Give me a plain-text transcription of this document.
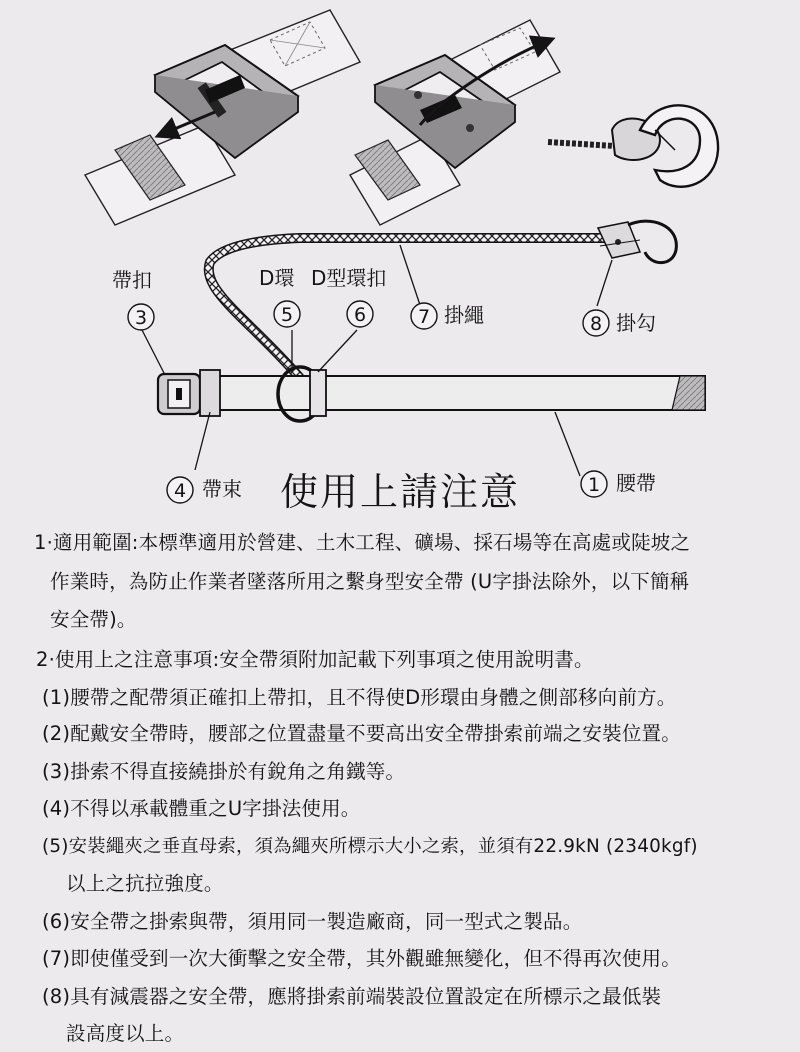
3
帶扣
5
D環
6
D型環扣
7 掛繩	8 掛勾
4 帶束	1 腰帶
使用上請注意

1·適用範圍:本標準適用於營建、土木工程、礦場、採石場等在高處或陡坡之

作業時，為防止作業者墜落所用之繫身型安全帶 (U字掛法除外，以下簡稱

安全帶)。

2·使用上之注意事項:安全帶須附加記載下列事項之使用說明書。

(1)腰帶之配帶須正確扣上帶扣，且不得使D形環由身體之側部移向前方。

(2)配戴安全帶時，腰部之位置盡量不要高出安全帶掛索前端之安裝位置。

(3)掛索不得直接繞掛於有銳角之角鐵等。

(4)不得以承載體重之U字掛法使用。

(5)安裝繩夾之垂直母索，須為繩夾所標示大小之索，並須有22.9kN (2340kgf)

以上之抗拉強度。

(6)安全帶之掛索與帶，須用同一製造廠商，同一型式之製品。

(7)即使僅受到一次大衝擊之安全帶，其外觀雖無變化，但不得再次使用。

(8)具有減震器之安全帶，應將掛索前端裝設位置設定在所標示之最低裝

設高度以上。
